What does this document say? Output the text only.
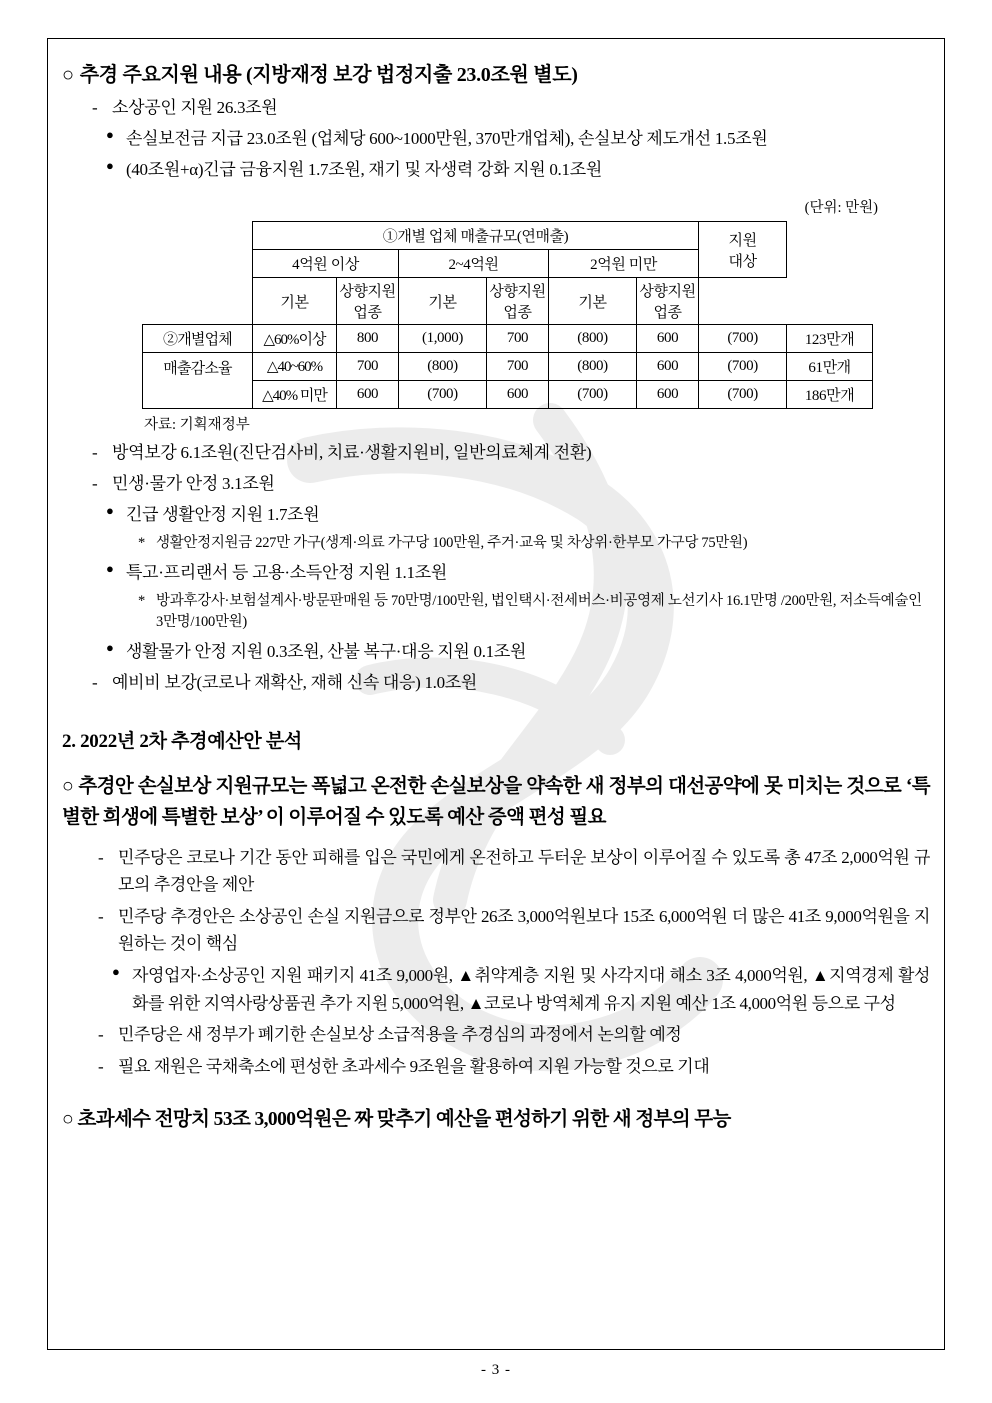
○ 추경 주요지원 내용 (지방재정 보강 법정지출 23.0조원 별도)
- 소상공인 지원 26.3조원
● 손실보전금 지급 23.0조원 (업체당 600~1000만원, 370만개업체), 손실보상 제도개선 1.5조원
● (40조원+α)긴급 금융지원 1.7조원, 재기 및 자생력 강화 지원 0.1조원
(단위: 만원)
	①개별 업체 매출규모(연매출)						지원
대상	

	4억원 이상		2~4억원		2억원 미만			
	기본	상향지원업종	기본	상향지원업종	기본	상향지원업종		
②개별업체	△60%이상	800	(1,000)	700	(800)	600	(700)	123만개
매출감소율	△40~60%	700	(800)	700	(800)	600	(700)	61만개
	△40% 미만	600	(700)	600	(700)	600	(700)	186만개
자료: 기획재정부
- 방역보강 6.1조원(진단검사비, 치료·생활지원비, 일반의료체계 전환)
- 민생·물가 안정 3.1조원
● 긴급 생활안정 지원 1.7조원
* 생활안정지원금 227만 가구(생계·의료 가구당 100만원, 주거·교육 및 차상위·한부모 가구당 75만원)
● 특고·프리랜서 등 고용·소득안정 지원 1.1조원
* 방과후강사·보험설계사·방문판매원 등 70만명/100만원, 법인택시·전세버스·비공영제 노선기사 16.1만명 /200만원, 저소득예술인 3만명/100만원)
● 생활물가 안정 지원 0.3조원, 산불 복구·대응 지원 0.1조원
- 예비비 보강(코로나 재확산, 재해 신속 대응) 1.0조원
2. 2022년 2차 추경예산안 분석
○ 추경안 손실보상 지원규모는 폭넓고 온전한 손실보상을 약속한 새 정부의 대선공약에 못 미치는 것으로 ‘특별한 희생에 특별한 보상’ 이 이루어질 수 있도록 예산 증액 편성 필요
- 민주당은 코로나 기간 동안 피해를 입은 국민에게 온전하고 두터운 보상이 이루어질 수 있도록 총 47조 2,000억원 규모의 추경안을 제안
- 민주당 추경안은 소상공인 손실 지원금으로 정부안 26조 3,000억원보다 15조 6,000억원 더 많은 41조 9,000억원을 지원하는 것이 핵심
● 자영업자·소상공인 지원 패키지 41조 9,000원, ▲취약계층 지원 및 사각지대 해소 3조 4,000억원, ▲지역경제 활성화를 위한 지역사랑상품권 추가 지원 5,000억원, ▲코로나 방역체계 유지 지원 예산 1조 4,000억원 등으로 구성
- 민주당은 새 정부가 폐기한 손실보상 소급적용을 추경심의 과정에서 논의할 예정
- 필요 재원은 국채축소에 편성한 초과세수 9조원을 활용하여 지원 가능할 것으로 기대
○ 초과세수 전망치 53조 3,000억원은 짜 맞추기 예산을 편성하기 위한 새 정부의 무능
- 3 -
